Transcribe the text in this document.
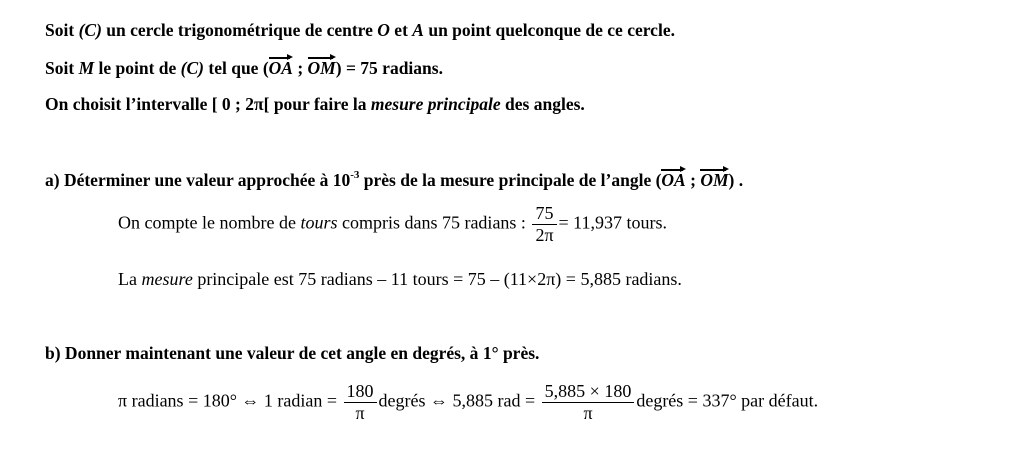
Soit (C) un cercle trigonométrique de centre O et A un point quelconque de ce cercle.
Soit M le point de (C) tel que (OA ; OM) = 75 radians.
On choisit l’intervalle [ 0 ; 2π[ pour faire la mesure principale des angles.
a) Déterminer une valeur approchée à $10^{-3}$ près de la mesure principale de l’angle (OA ; OM) .
On compte le nombre de tours compris dans 75 radians : $\frac{75}{2\pi} = 11,937$ tours.
La mesure principale est 75 radians – 11 tours = 75 – (11×2π) = 5,885 radians.
b) Donner maintenant une valeur de cet angle en degrés, à 1° près.
π radians = 180° ⇔ 1 radian = $\frac{180}{\pi}$ degrés ⇔ 5,885 rad = $\frac{5,885 \times 180}{\pi}$ degrés = 337° par défaut.
